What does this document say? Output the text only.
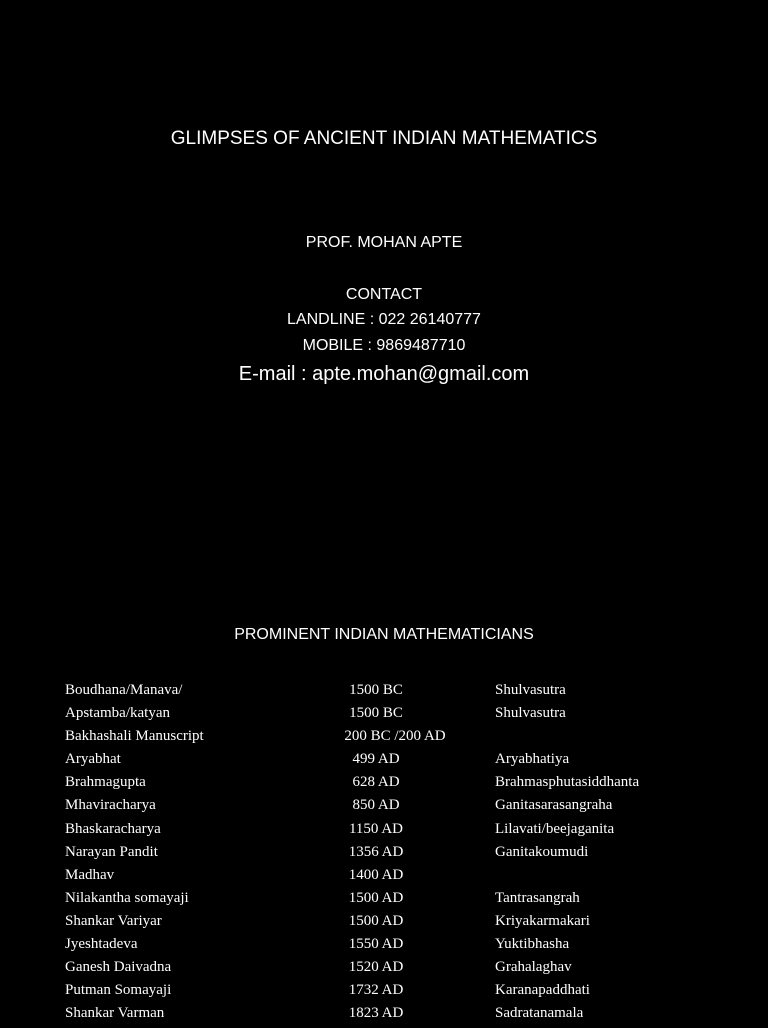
GLIMPSES OF ANCIENT INDIAN MATHEMATICS
PROF. MOHAN APTE
CONTACT
LANDLINE : 022 26140777
MOBILE : 9869487710
E-mail : apte.mohan@gmail.com
PROMINENT INDIAN MATHEMATICIANS
Boudhana/Manava/	1500 BC	Shulvasutra
Apstamba/katyan	1500 BC	Shulvasutra
Bakhashali Manuscript	200 BC /200 AD
Aryabhat	499 AD	Aryabhatiya
Brahmagupta	628 AD	Brahmasphutasiddhanta
Mhaviracharya	850 AD	Ganitasarasangraha
Bhaskaracharya	1150 AD	Lilavati/beejaganita
Narayan Pandit	1356 AD	Ganitakoumudi
Madhav	1400 AD
Nilakantha somayaji	1500 AD	Tantrasangrah
Shankar Variyar	1500 AD	Kriyakarmakari
Jyeshtadeva	1550 AD	Yuktibhasha
Ganesh Daivadna	1520 AD	Grahalaghav
Putman Somayaji	1732 AD	Karanapaddhati
Shankar Varman	1823 AD	Sadratanamala
